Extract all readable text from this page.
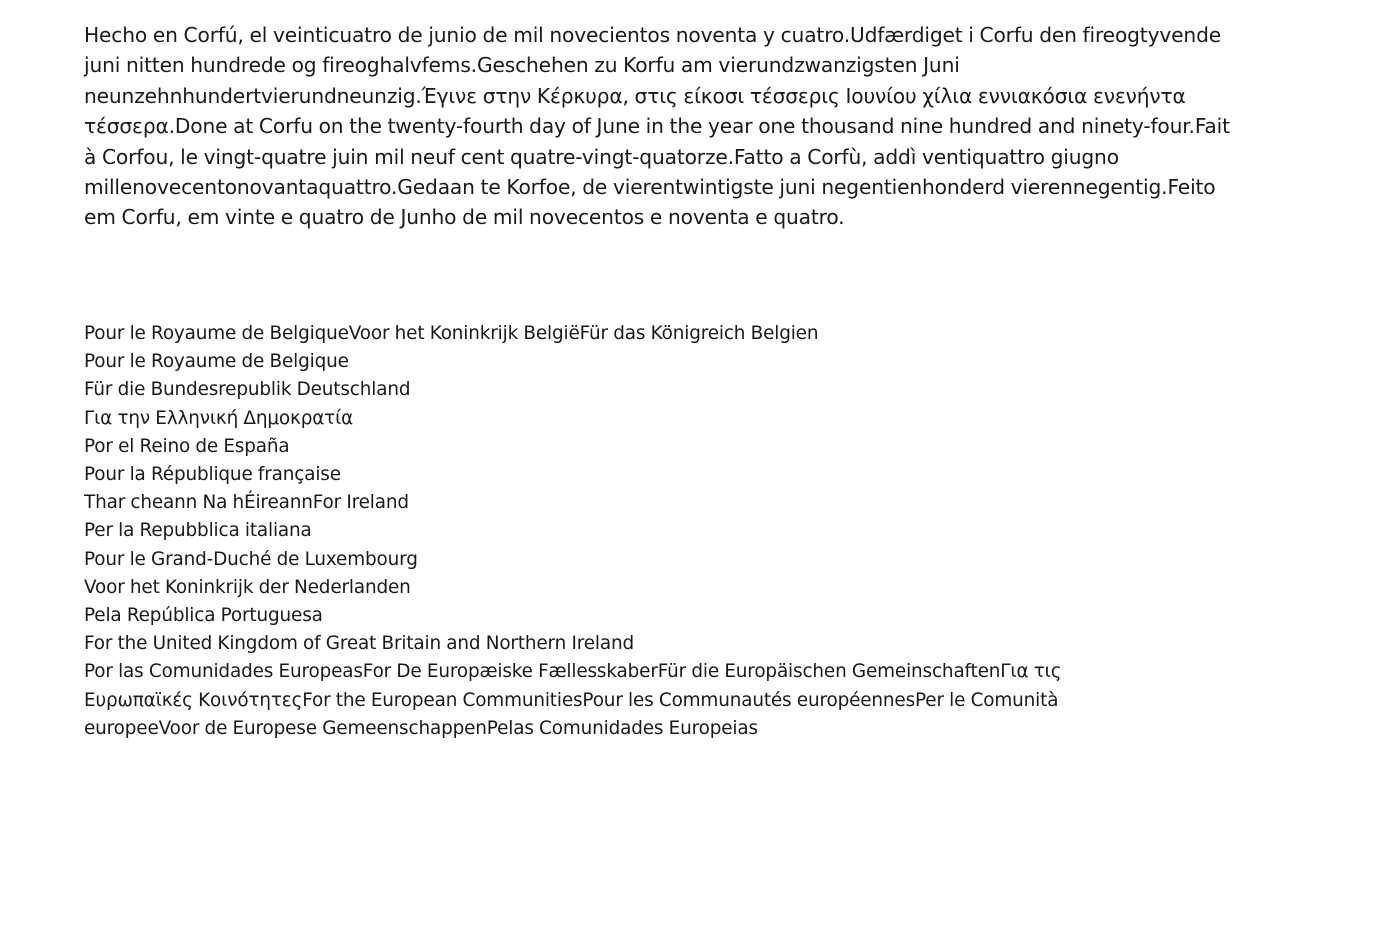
Hecho en Corfú, el veinticuatro de junio de mil novecientos noventa y cuatro.Udfærdiget i Corfu den fireogtyvende juni nitten hundrede og fireoghalvfems.Geschehen zu Korfu am vierundzwanzigsten Juni neunzehnhundertvierundneunzig.Έγινε στην Κέρκυρα, στις είκοσι τέσσερις Ιουνίου χίλια εννιακόσια ενενήντα τέσσερα.Done at Corfu on the twenty-fourth day of June in the year one thousand nine hundred and ninety-four.Fait à Corfou, le vingt-quatre juin mil neuf cent quatre-vingt-quatorze.Fatto a Corfù, addì ventiquattro giugno millenovecentonovantaquattro.Gedaan te Korfoe, de vierentwintigste juni negentienhonderd vierennegentig.Feito em Corfu, em vinte e quatro de Junho de mil novecentos e noventa e quatro.

Pour le Royaume de BelgiqueVoor het Koninkrijk BelgiëFür das Königreich Belgien
Pour le Royaume de Belgique
Für die Bundesrepublik Deutschland
Για την Ελληνική Δημοκρατία
Por el Reino de España
Pour la République française
Thar cheann Na hÉireannFor Ireland
Per la Repubblica italiana
Pour le Grand-Duché de Luxembourg
Voor het Koninkrijk der Nederlanden
Pela República Portuguesa
For the United Kingdom of Great Britain and Northern Ireland
Por las Comunidades EuropeasFor De Europæiske FællesskaberFür die Europäischen GemeinschaftenΓια τις Ευρωπαϊκές ΚοινότητεςFor the European CommunitiesPour les Communautés européennesPer le Comunità europeeVoor de Europese GemeenschappenPelas Comunidades Europeias
